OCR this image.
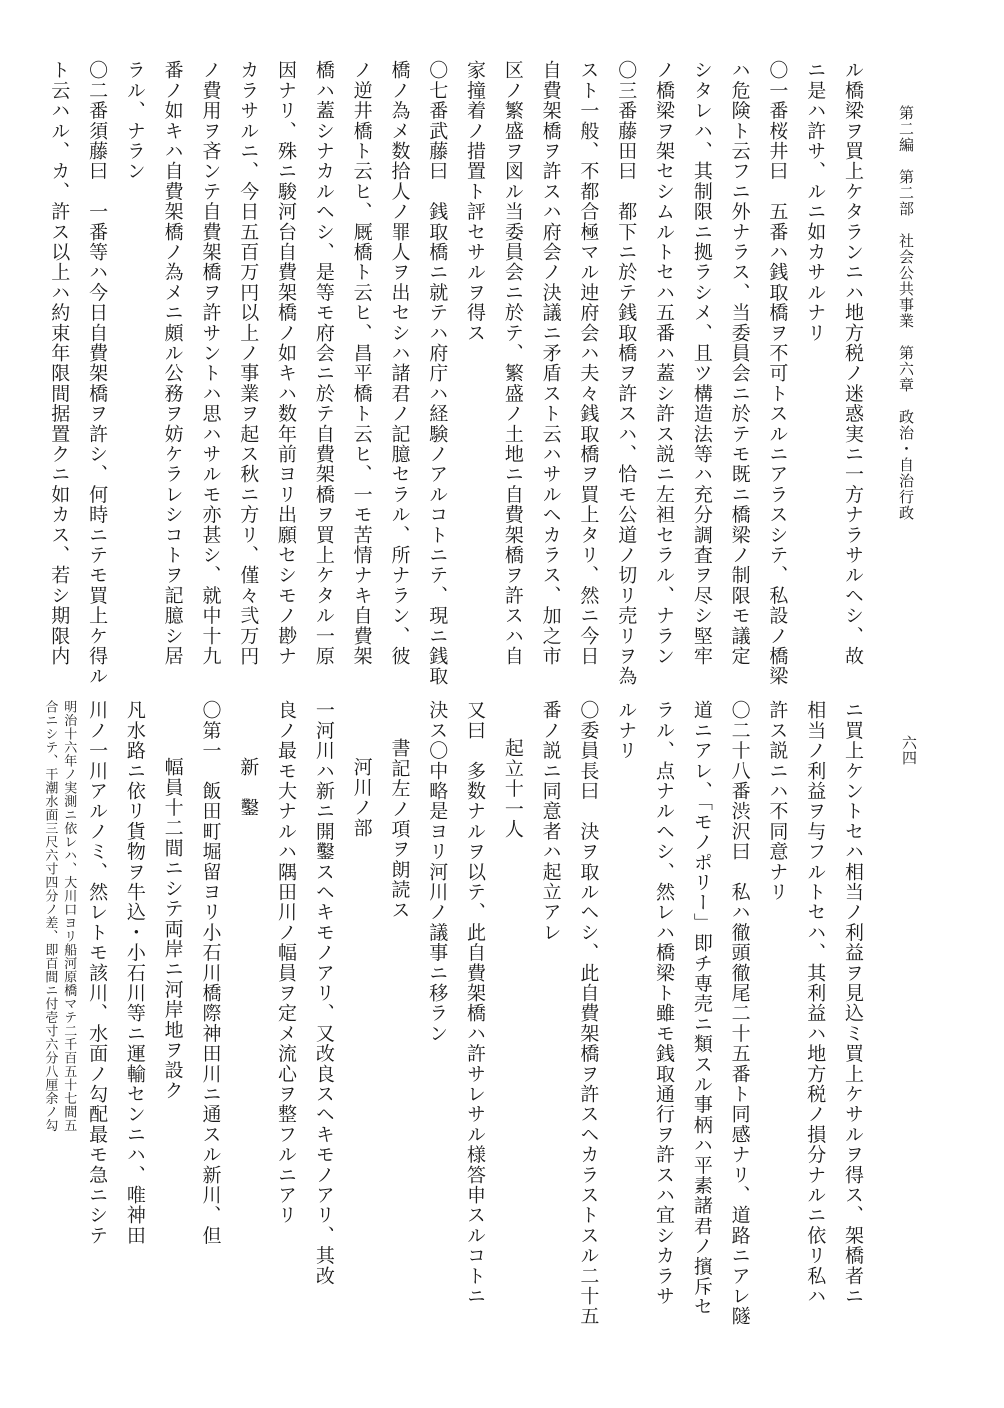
第二編　第二部　社会公共事業　第六章　政治・自治行政
六四
ル橋梁ヲ買上ケタランニハ地方税ノ迷惑実ニ一方ナラサルヘシ、故
ニ是ハ許サ、ルニ如カサルナリ
〇一番桜井曰　五番ハ銭取橋ヲ不可トスルニアラスシテ、私設ノ橋梁
ハ危険ト云フニ外ナラス、当委員会ニ於テモ既ニ橋梁ノ制限モ議定
シタレハ、其制限ニ拠ラシメ、且ツ構造法等ハ充分調査ヲ尽シ堅牢
ノ橋梁ヲ架セシムルトセハ五番ハ蓋シ許ス説ニ左袒セラル、ナラン
〇三番藤田曰　都下ニ於テ銭取橋ヲ許スハ、恰モ公道ノ切リ売リヲ為
スト一般、不都合極マル迚府会ハ夫々銭取橋ヲ買上タリ、然ニ今日
自費架橋ヲ許スハ府会ノ決議ニ矛盾スト云ハサルヘカラス、加之市
区ノ繁盛ヲ図ル当委員会ニ於テ、繁盛ノ土地ニ自費架橋ヲ許スハ自
家撞着ノ措置ト評セサルヲ得ス
〇七番武藤曰　銭取橋ニ就テハ府庁ハ経験ノアルコトニテ、現ニ銭取
橋ノ為メ数拾人ノ罪人ヲ出セシハ諸君ノ記臆セラル、所ナラン、彼
ノ逆井橋ト云ヒ、厩橋ト云ヒ、昌平橋ト云ヒ、一モ苦情ナキ自費架
橋ハ蓋シナカルヘシ、是等モ府会ニ於テ自費架橋ヲ買上ケタル一原
因ナリ、殊ニ駿河台自費架橋ノ如キハ数年前ヨリ出願セシモノ尠ナ
カラサルニ、今日五百万円以上ノ事業ヲ起ス秋ニ方リ、僅々弐万円
ノ費用ヲ吝ンテ自費架橋ヲ許サントハ思ハサルモ亦甚シ、就中十九
番ノ如キハ自費架橋ノ為メニ頗ル公務ヲ妨ケラレシコトヲ記臆シ居
ラル、ナラン
〇二番須藤曰　一番等ハ今日自費架橋ヲ許シ、何時ニテモ買上ケ得ル
ト云ハル、カ、許ス以上ハ約束年限間据置クニ如カス、若シ期限内
ニ買上ケントセハ相当ノ利益ヲ見込ミ買上ケサルヲ得ス、架橋者ニ
相当ノ利益ヲ与フルトセハ、其利益ハ地方税ノ損分ナルニ依リ私ハ
許ス説ニハ不同意ナリ
〇二十八番渋沢曰　私ハ徹頭徹尾二十五番ト同感ナリ、道路ニアレ隧
道ニアレ、「モノポリー」即チ専売ニ類スル事柄ハ平素諸君ノ擯斥セ
ラル、点ナルヘシ、然レハ橋梁ト雖モ銭取通行ヲ許スハ宜シカラサ
ルナリ
〇委員長曰　決ヲ取ルヘシ、此自費架橋ヲ許スヘカラストスル二十五
番ノ説ニ同意者ハ起立アレ
起立十一人
又曰　多数ナルヲ以テ、此自費架橋ハ許サレサル様答申スルコトニ
決ス〇中略是ヨリ河川ノ議事ニ移ラン
書記左ノ項ヲ朗読ス
河川ノ部
一河川ハ新ニ開鑿スヘキモノアリ、又改良スヘキモノアリ、其改
良ノ最モ大ナルハ隅田川ノ幅員ヲ定メ流心ヲ整フルニアリ
新　鑿
〇第一　飯田町堀留ヨリ小石川橋際神田川ニ通スル新川、但
幅員十二間ニシテ両岸ニ河岸地ヲ設ク
凡水路ニ依リ貨物ヲ牛込・小石川等ニ運輸センニハ、唯神田
川ノ一川アルノミ、然レトモ該川、水面ノ勾配最モ急ニシテ
明治十六年ノ実測ニ依レハ、大川口ヨリ船河原橋マテ二千百五十七間五
合ニシテ、干潮水面三尺六寸四分ノ差、即百間ニ付壱寸六分八厘余ノ勾
